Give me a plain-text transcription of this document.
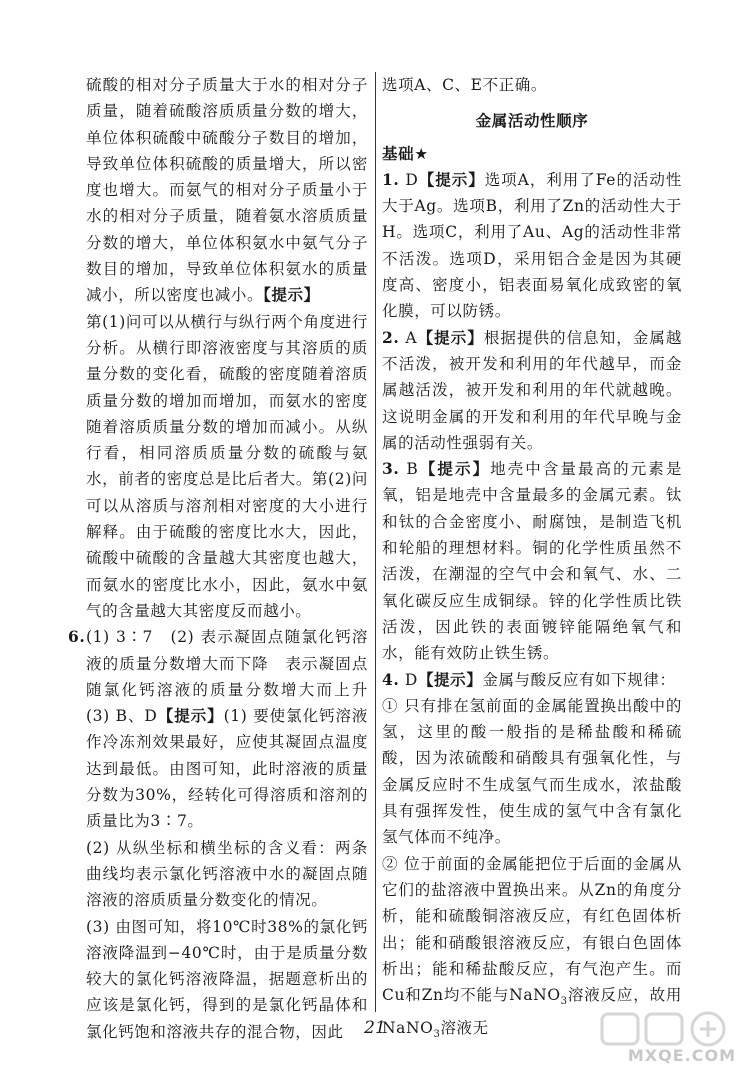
硫酸的相对分子质量大于水的相对分子质量，随着硫酸溶质质量分数的增大，单位体积硫酸中硫酸分子数目的增加，导致单位体积硫酸的质量增大，所以密度也增大。而氨气的相对分子质量小于水的相对分子质量，随着氨水溶质质量分数的增大，单位体积氨水中氨气分子数目的增加，导致单位体积氨水的质量减小，所以密度也减小。【提示】

第(1)问可以从横行与纵行两个角度进行分析。从横行即溶液密度与其溶质的质量分数的变化看，硫酸的密度随着溶质质量分数的增加而增加，而氨水的密度随着溶质质量分数的增加而减小。从纵行看，相同溶质质量分数的硫酸与氨水，前者的密度总是比后者大。第(2)问可以从溶质与溶剂相对密度的大小进行解释。由于硫酸的密度比水大，因此，硫酸中硫酸的含量越大其密度也越大，而氨水的密度比水小，因此，氨水中氨气的含量越大其密度反而越小。

6. (1) 3∶7　(2) 表示凝固点随氯化钙溶液的质量分数增大而下降　表示凝固点随氯化钙溶液的质量分数增大而上升　(3) B、D【提示】(1) 要使氯化钙溶液作冷冻剂效果最好，应使其凝固点温度达到最低。由图可知，此时溶液的质量分数为30%，经转化可得溶质和溶剂的质量比为3∶7。

(2) 从纵坐标和横坐标的含义看：两条曲线均表示氯化钙溶液中水的凝固点随溶液的溶质质量分数变化的情况。

(3) 由图可知，将10℃时38%的氯化钙溶液降温到−40℃时，由于是质量分数较大的氯化钙溶液降温，据题意析出的应该是氯化钙，得到的是氯化钙晶体和氯化钙饱和溶液共存的混合物，因此

选项A、C、E不正确。

金属活动性顺序
基础★

1. D【提示】选项A，利用了Fe的活动性大于Ag。选项B，利用了Zn的活动性大于H。选项C，利用了Au、Ag的活动性非常不活泼。选项D，采用铝合金是因为其硬度高、密度小，铝表面易氧化成致密的氧化膜，可以防锈。

2. A【提示】根据提供的信息知，金属越不活泼，被开发和利用的年代越早，而金属越活泼，被开发和利用的年代就越晚。这说明金属的开发和利用的年代早晚与金属的活动性强弱有关。

3. B【提示】地壳中含量最高的元素是氧，铝是地壳中含量最多的金属元素。钛和钛的合金密度小、耐腐蚀，是制造飞机和轮船的理想材料。铜的化学性质虽然不活泼，在潮湿的空气中会和氧气、水、二氧化碳反应生成铜绿。锌的化学性质比铁活泼，因此铁的表面镀锌能隔绝氧气和水，能有效防止铁生锈。

4. D【提示】金属与酸反应有如下规律：

① 只有排在氢前面的金属能置换出酸中的氢，这里的酸一般指的是稀盐酸和稀硫酸，因为浓硫酸和硝酸具有强氧化性，与金属反应时不生成氢气而生成水，浓盐酸具有强挥发性，使生成的氢气中含有氯化氢气体而不纯净。

② 位于前面的金属能把位于后面的金属从它们的盐溶液中置换出来。从Zn的角度分析，能和硫酸铜溶液反应，有红色固体析出；能和硝酸银溶液反应，有银白色固体析出；能和稀盐酸反应，有气泡产生。而Cu和Zn均不能与NaNO$_3$溶液反应，故用NaNO$_3$溶液无

21
MXQE.COM
